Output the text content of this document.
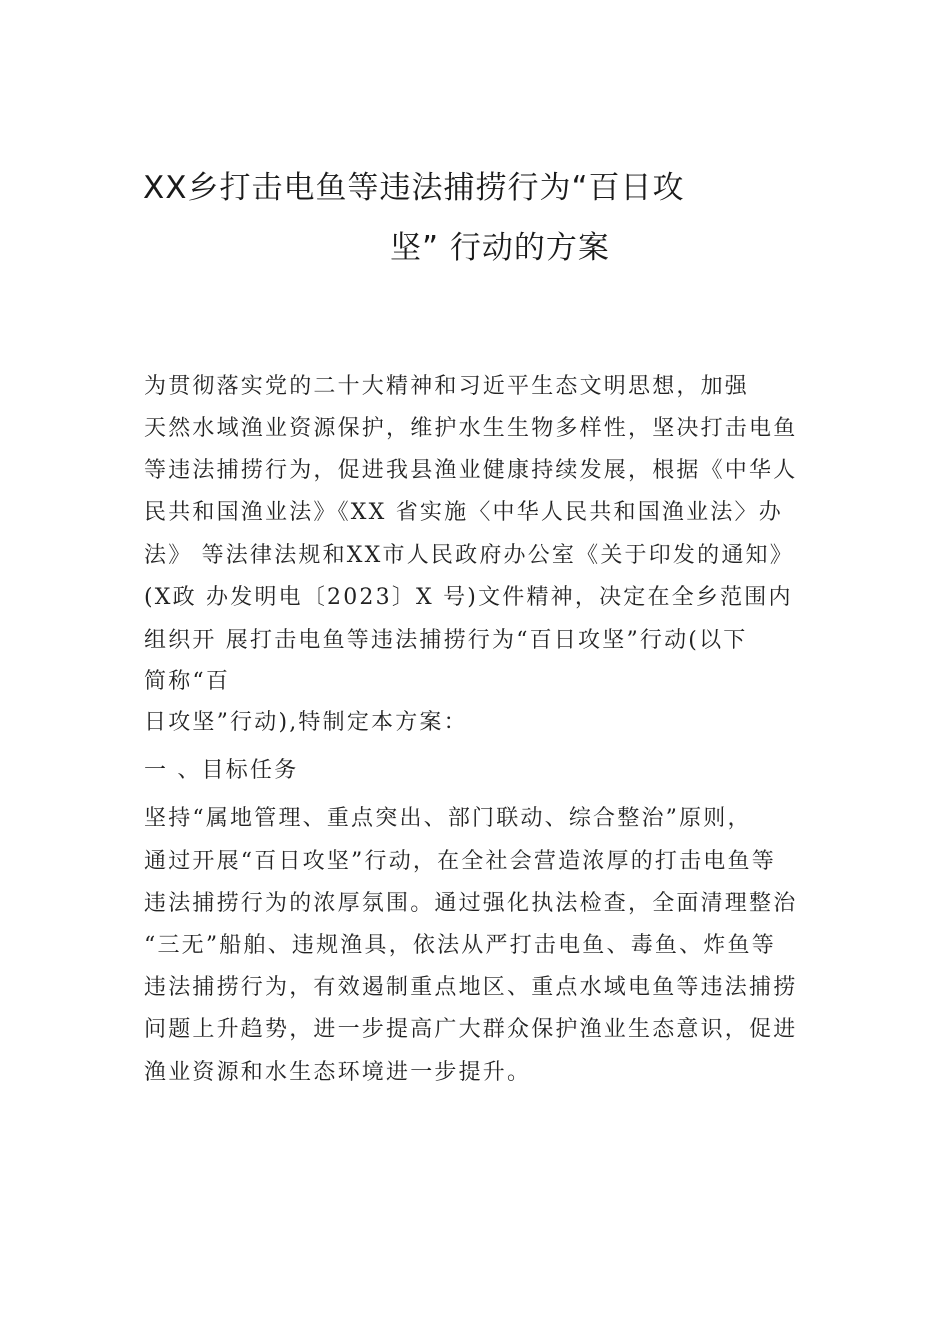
XX乡打击电鱼等违法捕捞行为“百日攻
坚” 行动的方案
为贯彻落实党的二十大精神和习近平生态文明思想，加强
天然水域渔业资源保护，维护水生生物多样性，坚决打击电鱼
等违法捕捞行为，促进我县渔业健康持续发展，根据《中华人
民共和国渔业法》《XX 省实施〈中华人民共和国渔业法〉办
法》 等法律法规和XX市人民政府办公室《关于印发的通知》
(X政 办发明电〔2023〕X 号)文件精神，决定在全乡范围内
组织开 展打击电鱼等违法捕捞行为“百日攻坚”行动(以下
简称“百
日攻坚”行动),特制定本方案：
一 、目标任务
坚持“属地管理、重点突出、部门联动、综合整治”原则，
通过开展“百日攻坚”行动，在全社会营造浓厚的打击电鱼等
违法捕捞行为的浓厚氛围。通过强化执法检查，全面清理整治
“三无”船舶、违规渔具，依法从严打击电鱼、毒鱼、炸鱼等
违法捕捞行为，有效遏制重点地区、重点水域电鱼等违法捕捞
问题上升趋势，进一步提高广大群众保护渔业生态意识，促进
渔业资源和水生态环境进一步提升。
